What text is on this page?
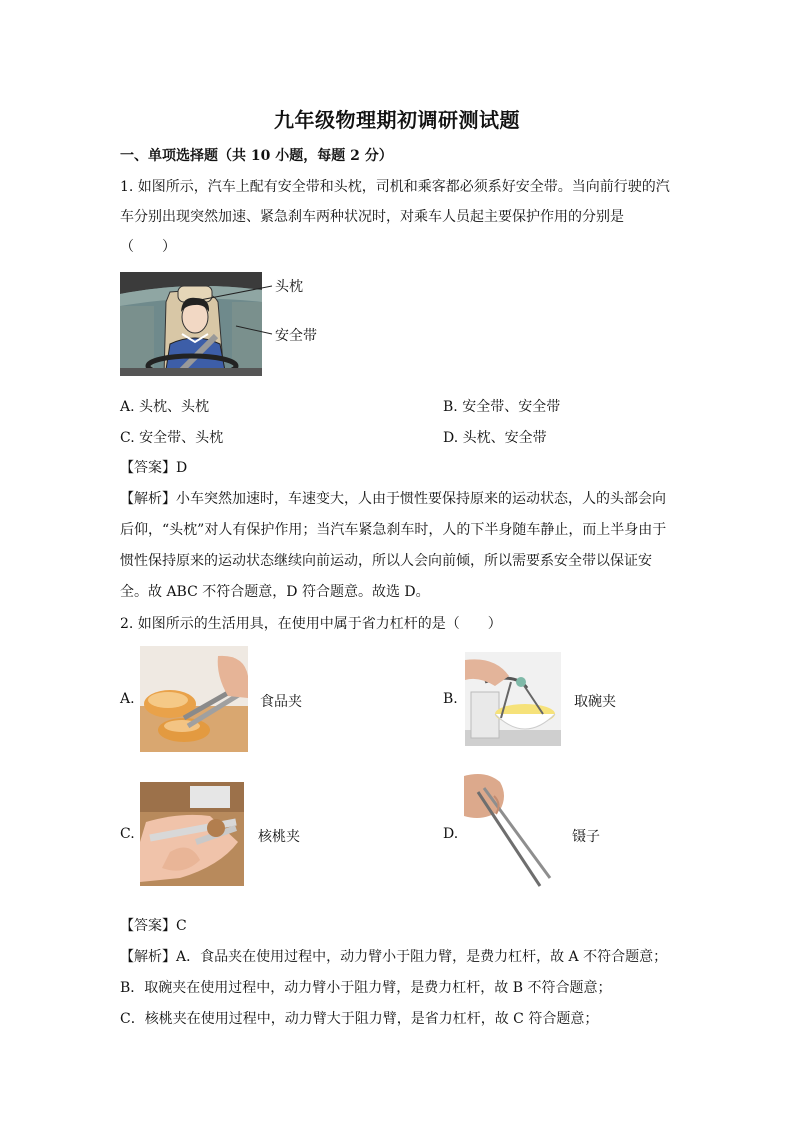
九年级物理期初调研测试题
一、单项选择题（共 10 小题，每题 2 分）
1. 如图所示，汽车上配有安全带和头枕，司机和乘客都必须系好安全带。当向前行驶的汽
车分别出现突然加速、紧急刹车两种状况时，对乘车人员起主要保护作用的分别是
（　　）
头枕
安全带
A. 头枕、头枕	B. 安全带、安全带
C. 安全带、头枕	D. 头枕、安全带
【答案】D
【解析】小车突然加速时，车速变大，人由于惯性要保持原来的运动状态，人的头部会向
后仰，“头枕”对人有保护作用；当汽车紧急刹车时，人的下半身随车静止，而上半身由于
惯性保持原来的运动状态继续向前运动，所以人会向前倾，所以需要系安全带以保证安
全。故 ABC 不符合题意，D 符合题意。故选 D。
2. 如图所示的生活用具，在使用中属于省力杠杆的是（　　）
A.	食品夹	B.	取碗夹
C.	核桃夹	D.	镊子
【答案】C
【解析】A．食品夹在使用过程中，动力臂小于阻力臂，是费力杠杆，故 A 不符合题意；
B．取碗夹在使用过程中，动力臂小于阻力臂，是费力杠杆，故 B 不符合题意；
C．核桃夹在使用过程中，动力臂大于阻力臂，是省力杠杆，故 C 符合题意；
